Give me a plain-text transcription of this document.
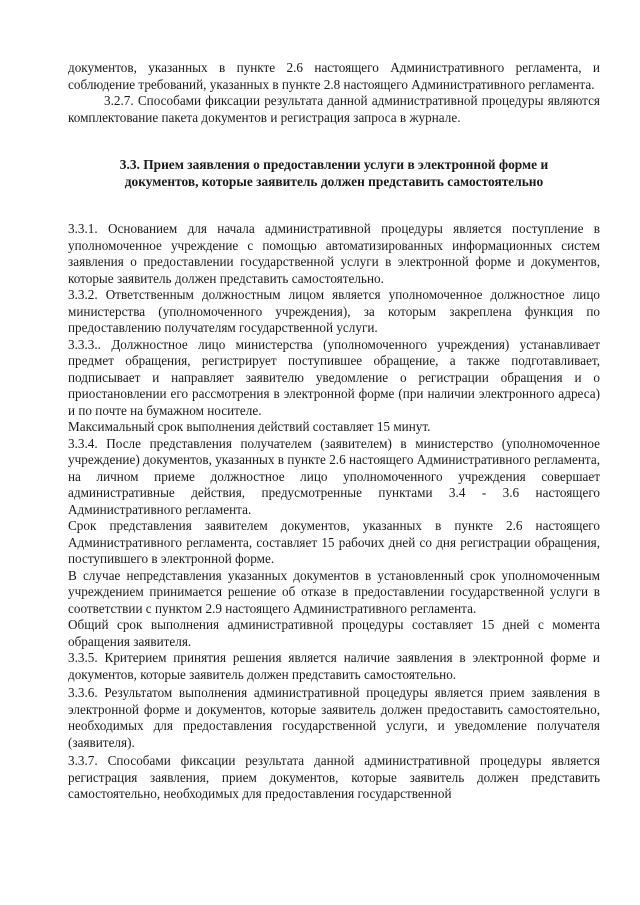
документов, указанных в пункте 2.6 настоящего Административного регламента, и соблюдение требований, указанных в пункте 2.8 настоящего Административного регламента.

3.2.7. Способами фиксации результата данной административной процедуры являются комплектование пакета документов и регистрация запроса в журнале.

3.3. Прием заявления о предоставлении услуги в электронной форме и
документов, которые заявитель должен представить самостоятельно

3.3.1. Основанием для начала административной процедуры является поступление в уполномоченное учреждение с помощью автоматизированных информационных систем заявления о предоставлении государственной услуги в электронной форме и документов, которые заявитель должен представить самостоятельно.

3.3.2. Ответственным должностным лицом является уполномоченное должностное лицо министерства (уполномоченного учреждения), за которым закреплена функция по предоставлению получателям государственной услуги.

3.3.3.. Должностное лицо министерства (уполномоченного учреждения) устанавливает предмет обращения, регистрирует поступившее обращение, а также подготавливает, подписывает и направляет заявителю уведомление о регистрации обращения и о приостановлении его рассмотрения в электронной форме (при наличии электронного адреса) и по почте на бумажном носителе.

Максимальный срок выполнения действий составляет 15 минут.

3.3.4. После представления получателем (заявителем) в министерство (уполномоченное учреждение) документов, указанных в пункте 2.6 настоящего Административного регламента, на личном приеме должностное лицо уполномоченного учреждения совершает административные действия, предусмотренные пунктами 3.4 - 3.6 настоящего Административного регламента.

Срок представления заявителем документов, указанных в пункте 2.6 настоящего Административного регламента, составляет 15 рабочих дней со дня регистрации обращения, поступившего в электронной форме.

В случае непредставления указанных документов в установленный срок уполномоченным учреждением принимается решение об отказе в предоставлении государственной услуги в соответствии с пунктом 2.9 настоящего Административного регламента.

Общий срок выполнения административной процедуры составляет 15 дней с момента обращения заявителя.

3.3.5. Критерием принятия решения является наличие заявления в электронной форме и документов, которые заявитель должен представить самостоятельно.

3.3.6. Результатом выполнения административной процедуры является прием заявления в электронной форме и документов, которые заявитель должен предоставить самостоятельно, необходимых для предоставления государственной услуги, и уведомление получателя (заявителя).

3.3.7. Способами фиксации результата данной административной процедуры является регистрация заявления, прием документов, которые заявитель должен представить самостоятельно, необходимых для предоставления государственной
